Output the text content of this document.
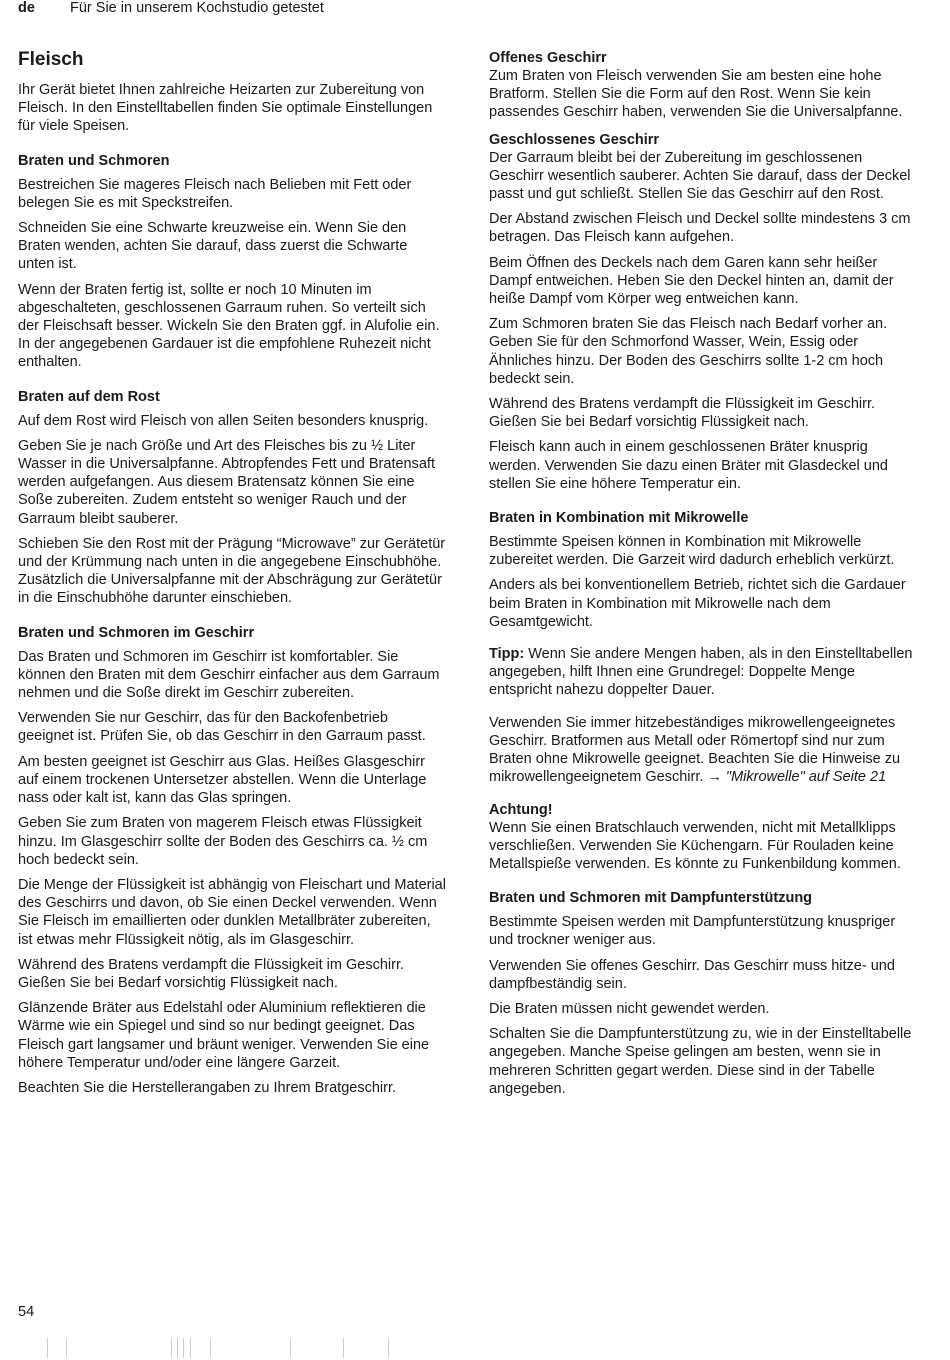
de Für Sie in unserem Kochstudio getestet
Fleisch

Ihr Gerät bietet Ihnen zahlreiche Heizarten zur Zubereitung von Fleisch. In den Einstelltabellen finden Sie optimale Einstellungen für viele Speisen.

Braten und Schmoren

Bestreichen Sie mageres Fleisch nach Belieben mit Fett oder belegen Sie es mit Speckstreifen.

Schneiden Sie eine Schwarte kreuzweise ein. Wenn Sie den Braten wenden, achten Sie darauf, dass zuerst die Schwarte unten ist.

Wenn der Braten fertig ist, sollte er noch 10 Minuten im abgeschalteten, geschlossenen Garraum ruhen. So verteilt sich der Fleischsaft besser. Wickeln Sie den Braten ggf. in Alufolie ein. In der angegebenen Gardauer ist die empfohlene Ruhezeit nicht enthalten.

Braten auf dem Rost

Auf dem Rost wird Fleisch von allen Seiten besonders knusprig.

Geben Sie je nach Größe und Art des Fleisches bis zu ½ Liter Wasser in die Universalpfanne. Abtropfendes Fett und Bratensaft werden aufgefangen. Aus diesem Bratensatz können Sie eine Soße zubereiten. Zudem entsteht so weniger Rauch und der Garraum bleibt sauberer.

Schieben Sie den Rost mit der Prägung “Microwave” zur Gerätetür und der Krümmung nach unten in die angegebene Einschubhöhe. Zusätzlich die Universalpfanne mit der Abschrägung zur Gerätetür in die Einschubhöhe darunter einschieben.

Braten und Schmoren im Geschirr

Das Braten und Schmoren im Geschirr ist komfortabler. Sie können den Braten mit dem Geschirr einfacher aus dem Garraum nehmen und die Soße direkt im Geschirr zubereiten.

Verwenden Sie nur Geschirr, das für den Backofenbetrieb geeignet ist. Prüfen Sie, ob das Geschirr in den Garraum passt.

Am besten geeignet ist Geschirr aus Glas. Heißes Glasgeschirr auf einem trockenen Untersetzer abstellen. Wenn die Unterlage nass oder kalt ist, kann das Glas springen.

Geben Sie zum Braten von magerem Fleisch etwas Flüssigkeit hinzu. Im Glasgeschirr sollte der Boden des Geschirrs ca. ½ cm hoch bedeckt sein.

Die Menge der Flüssigkeit ist abhängig von Fleischart und Material des Geschirrs und davon, ob Sie einen Deckel verwenden. Wenn Sie Fleisch im emaillierten oder dunklen Metallbräter zubereiten, ist etwas mehr Flüssigkeit nötig, als im Glasgeschirr.

Während des Bratens verdampft die Flüssigkeit im Geschirr. Gießen Sie bei Bedarf vorsichtig Flüssigkeit nach.

Glänzende Bräter aus Edelstahl oder Aluminium reflektieren die Wärme wie ein Spiegel und sind so nur bedingt geeignet. Das Fleisch gart langsamer und bräunt weniger. Verwenden Sie eine höhere Temperatur und/oder eine längere Garzeit.

Beachten Sie die Herstellerangaben zu Ihrem Bratgeschirr.

Offenes Geschirr

Zum Braten von Fleisch verwenden Sie am besten eine hohe Bratform. Stellen Sie die Form auf den Rost. Wenn Sie kein passendes Geschirr haben, verwenden Sie die Universalpfanne.

Geschlossenes Geschirr

Der Garraum bleibt bei der Zubereitung im geschlossenen Geschirr wesentlich sauberer. Achten Sie darauf, dass der Deckel passt und gut schließt. Stellen Sie das Geschirr auf den Rost.

Der Abstand zwischen Fleisch und Deckel sollte mindestens 3 cm betragen. Das Fleisch kann aufgehen.

Beim Öffnen des Deckels nach dem Garen kann sehr heißer Dampf entweichen. Heben Sie den Deckel hinten an, damit der heiße Dampf vom Körper weg entweichen kann.

Zum Schmoren braten Sie das Fleisch nach Bedarf vorher an. Geben Sie für den Schmorfond Wasser, Wein, Essig oder Ähnliches hinzu. Der Boden des Geschirrs sollte 1-2 cm hoch bedeckt sein.

Während des Bratens verdampft die Flüssigkeit im Geschirr. Gießen Sie bei Bedarf vorsichtig Flüssigkeit nach.

Fleisch kann auch in einem geschlossenen Bräter knusprig werden. Verwenden Sie dazu einen Bräter mit Glasdeckel und stellen Sie eine höhere Temperatur ein.

Braten in Kombination mit Mikrowelle

Bestimmte Speisen können in Kombination mit Mikrowelle zubereitet werden. Die Garzeit wird dadurch erheblich verkürzt.

Anders als bei konventionellem Betrieb, richtet sich die Gardauer beim Braten in Kombination mit Mikrowelle nach dem Gesamtgewicht.

Tipp: Wenn Sie andere Mengen haben, als in den Einstelltabellen angegeben, hilft Ihnen eine Grundregel: Doppelte Menge entspricht nahezu doppelter Dauer.

Verwenden Sie immer hitzebeständiges mikrowellengeeignetes Geschirr. Bratformen aus Metall oder Römertopf sind nur zum Braten ohne Mikrowelle geeignet. Beachten Sie die Hinweise zu mikrowellengeeignetem Geschirr. → "Mikrowelle" auf Seite 21

Achtung!

Wenn Sie einen Bratschlauch verwenden, nicht mit Metallklipps verschließen. Verwenden Sie Küchengarn. Für Rouladen keine Metallspieße verwenden. Es könnte zu Funkenbildung kommen.

Braten und Schmoren mit Dampfunterstützung

Bestimmte Speisen werden mit Dampfunterstützung knuspriger und trockner weniger aus.

Verwenden Sie offenes Geschirr. Das Geschirr muss hitze- und dampfbeständig sein.

Die Braten müssen nicht gewendet werden.

Schalten Sie die Dampfunterstützung zu, wie in der Einstelltabelle angegeben. Manche Speise gelingen am besten, wenn sie in mehreren Schritten gegart werden. Diese sind in der Tabelle angegeben.

54
